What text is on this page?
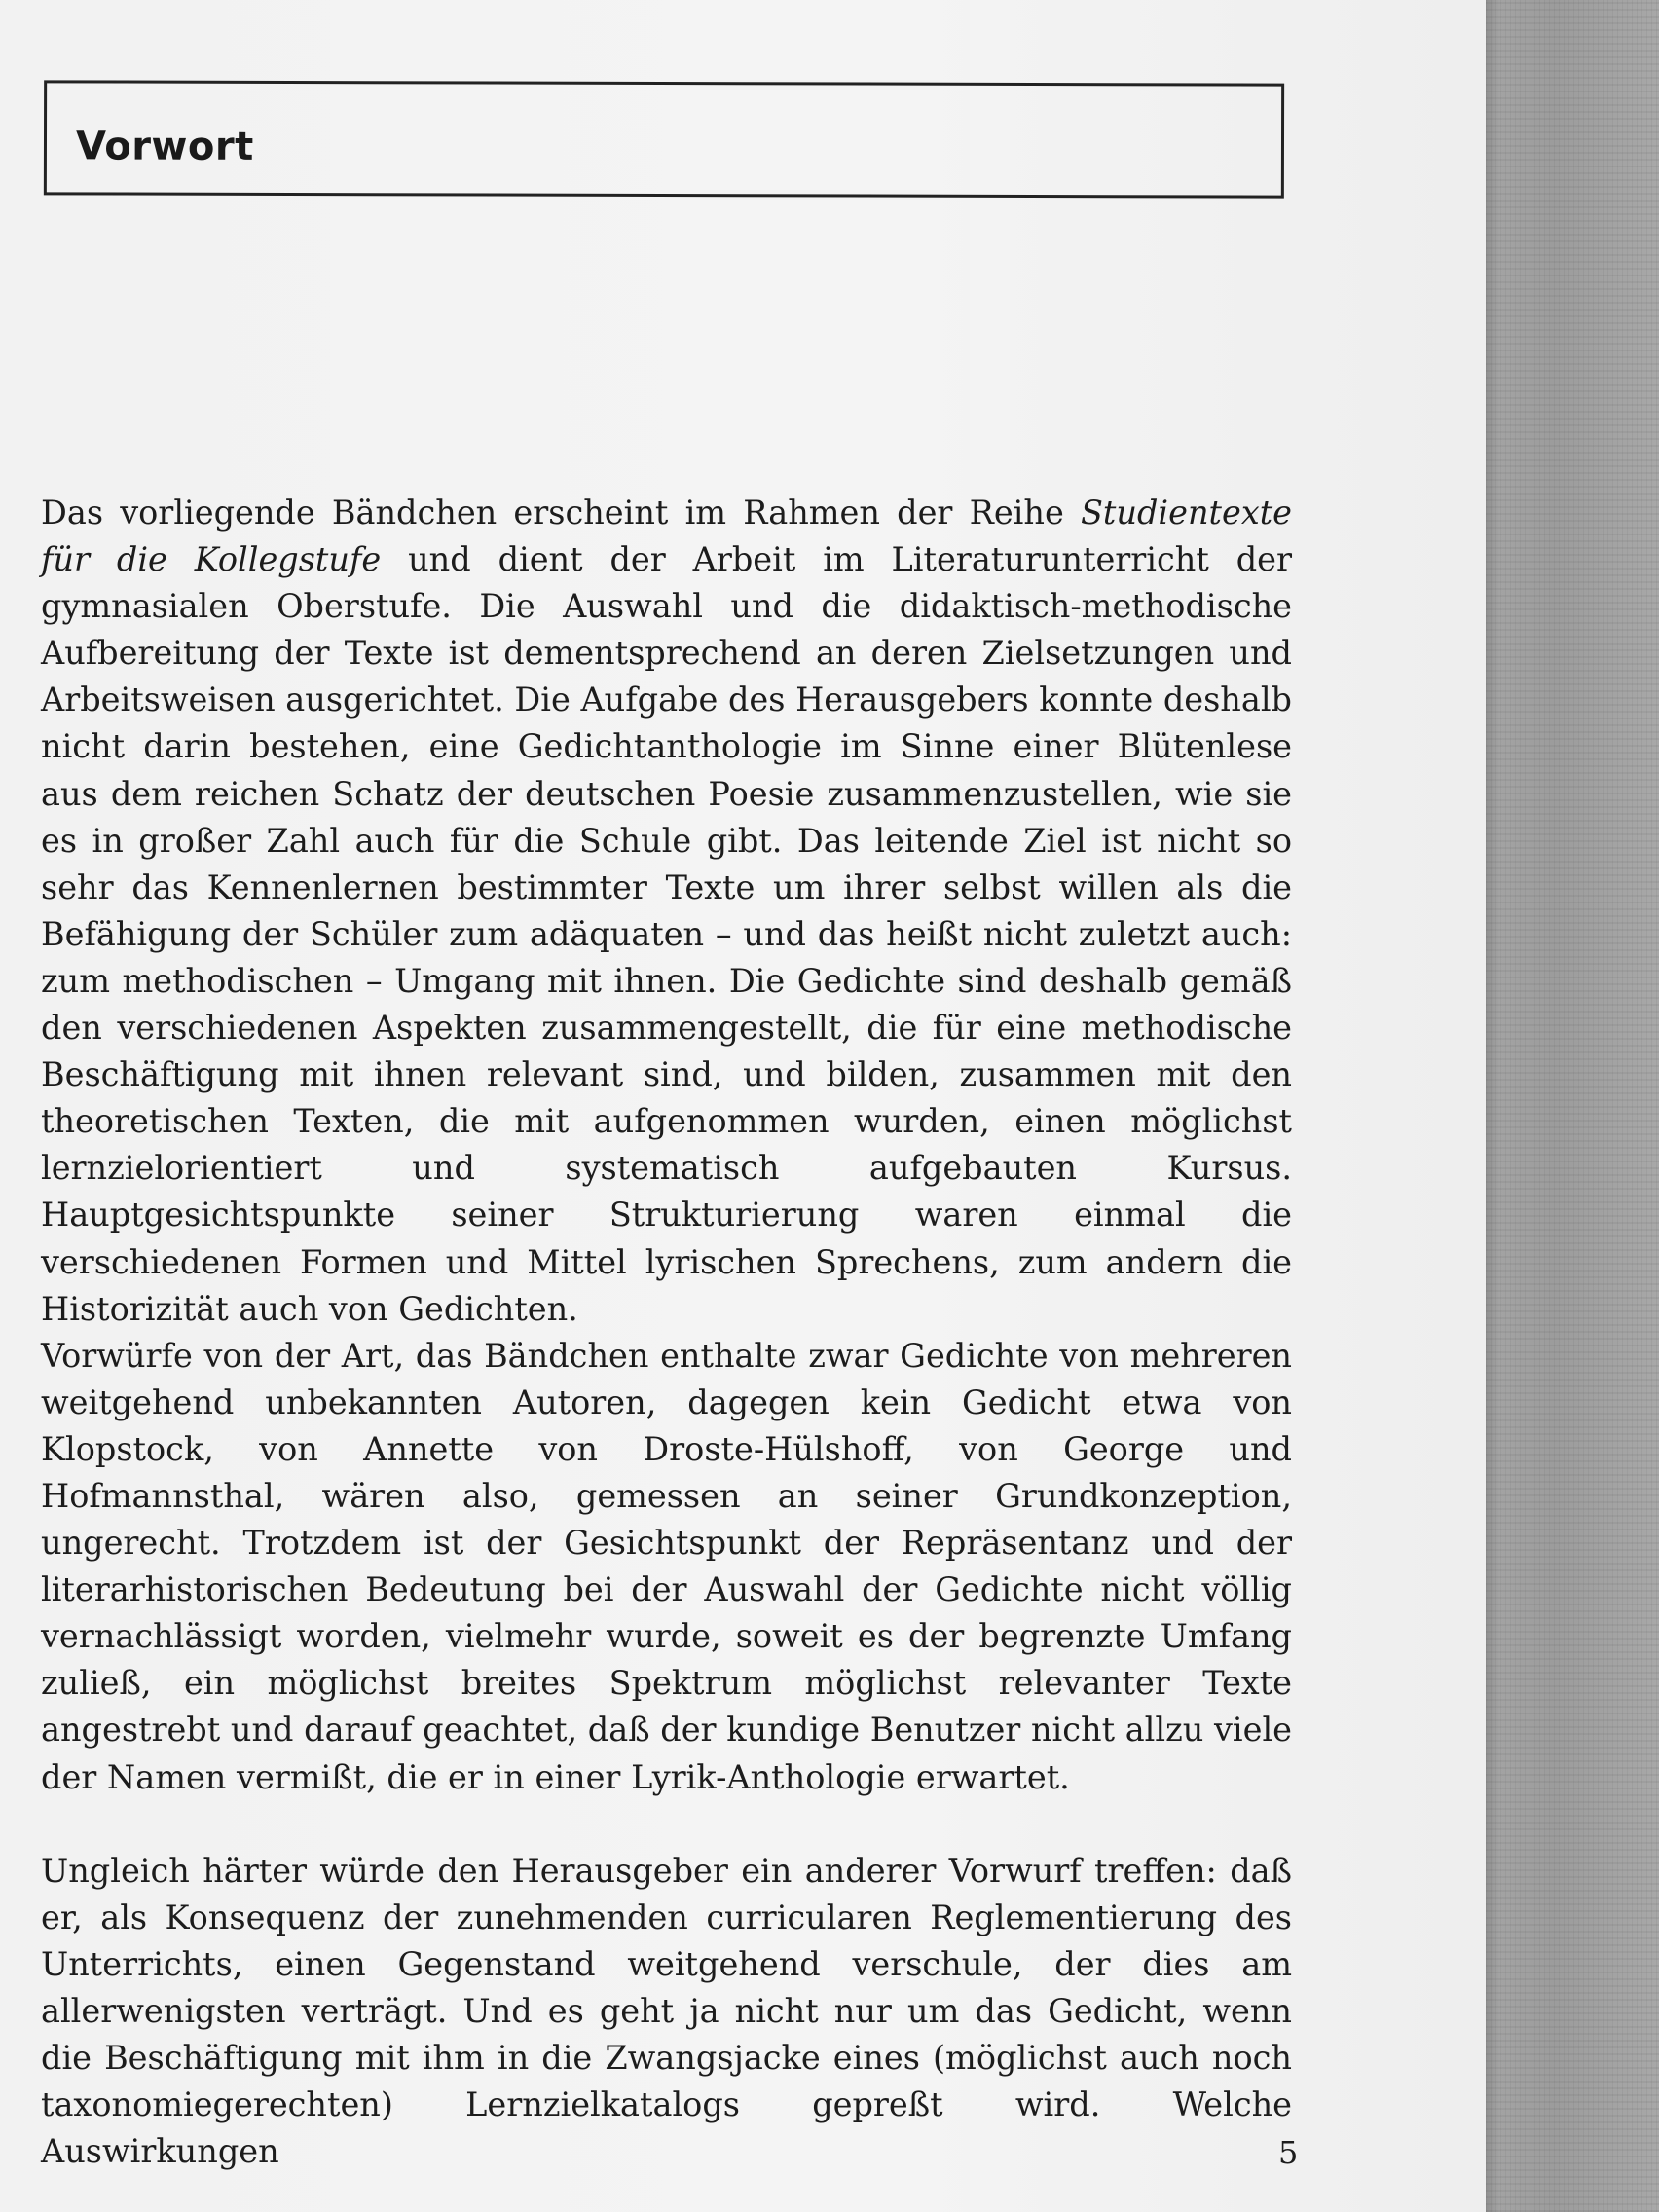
Vorwort

Das vorliegende Bändchen erscheint im Rahmen der Reihe Studientexte für die Kollegstufe und dient der Arbeit im Literaturunterricht der gymnasialen Oberstufe. Die Auswahl und die didaktisch-methodische Aufbereitung der Texte ist dementsprechend an deren Zielsetzungen und Arbeitsweisen ausgerichtet. Die Aufgabe des Herausgebers konnte deshalb nicht darin bestehen, eine Gedichtanthologie im Sinne einer Blütenlese aus dem reichen Schatz der deutschen Poesie zusammenzustellen, wie sie es in großer Zahl auch für die Schule gibt. Das leitende Ziel ist nicht so sehr das Kennenlernen bestimmter Texte um ihrer selbst willen als die Befähigung der Schüler zum adäquaten – und das heißt nicht zuletzt auch: zum methodischen – Umgang mit ihnen. Die Gedichte sind deshalb gemäß den verschiedenen Aspekten zusammengestellt, die für eine methodische Beschäftigung mit ihnen relevant sind, und bilden, zusammen mit den theoretischen Texten, die mit aufgenommen wurden, einen möglichst lernzielorientiert und systematisch aufgebauten Kursus. Hauptgesichtspunkte seiner Strukturierung waren einmal die verschiedenen Formen und Mittel lyrischen Sprechens, zum andern die Historizität auch von Gedichten.

Vorwürfe von der Art, das Bändchen enthalte zwar Gedichte von mehreren weitgehend unbekannten Autoren, dagegen kein Gedicht etwa von Klopstock, von Annette von Droste-Hülshoff, von George und Hofmannsthal, wären also, gemessen an seiner Grundkonzeption, ungerecht. Trotzdem ist der Gesichtspunkt der Repräsentanz und der literarhistorischen Bedeutung bei der Auswahl der Gedichte nicht völlig vernachlässigt worden, vielmehr wurde, soweit es der begrenzte Umfang zuließ, ein möglichst breites Spektrum möglichst relevanter Texte angestrebt und darauf geachtet, daß der kundige Benutzer nicht allzu viele der Namen vermißt, die er in einer Lyrik-Anthologie erwartet.

Ungleich härter würde den Herausgeber ein anderer Vorwurf treffen: daß er, als Konsequenz der zunehmenden curricularen Reglementierung des Unterrichts, einen Gegenstand weitgehend verschule, der dies am allerwenigsten verträgt. Und es geht ja nicht nur um das Gedicht, wenn die Beschäftigung mit ihm in die Zwangsjacke eines (möglichst auch noch taxonomiegerechten) Lernzielkatalogs gepreßt wird. Welche Auswirkungen	5
